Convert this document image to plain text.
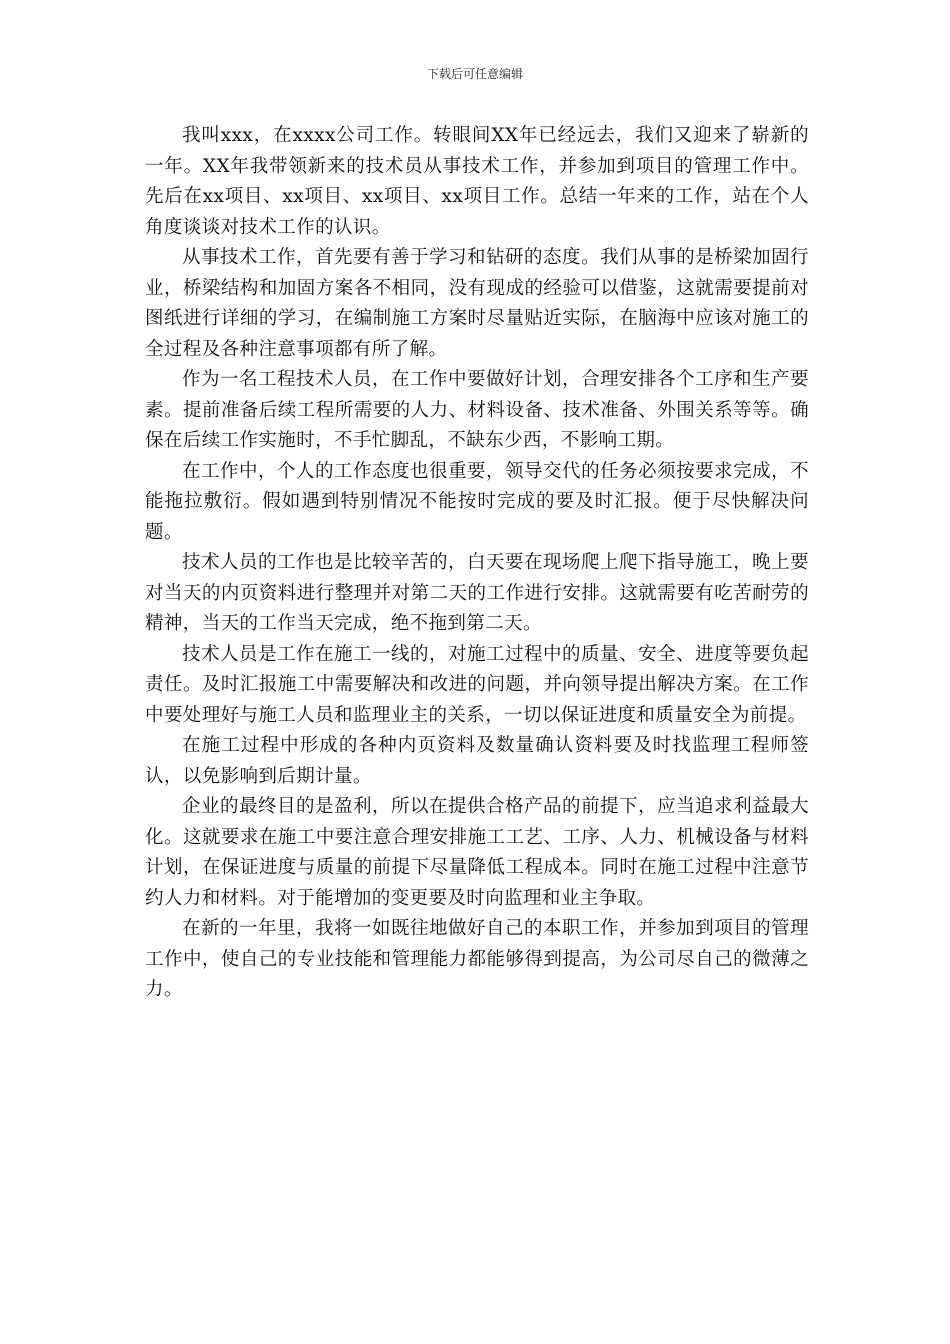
下载后可任意编辑

我叫xxx，在xxxx公司工作。转眼间XX年已经远去，我们又迎来了崭新的一年。XX年我带领新来的技术员从事技术工作，并参加到项目的管理工作中。先后在xx项目、xx项目、xx项目、xx项目工作。总结一年来的工作，站在个人角度谈谈对技术工作的认识。

从事技术工作，首先要有善于学习和钻研的态度。我们从事的是桥梁加固行业，桥梁结构和加固方案各不相同，没有现成的经验可以借鉴，这就需要提前对图纸进行详细的学习，在编制施工方案时尽量贴近实际，在脑海中应该对施工的全过程及各种注意事项都有所了解。

作为一名工程技术人员，在工作中要做好计划，合理安排各个工序和生产要素。提前准备后续工程所需要的人力、材料设备、技术准备、外围关系等等。确保在后续工作实施时，不手忙脚乱，不缺东少西，不影响工期。

在工作中，个人的工作态度也很重要，领导交代的任务必须按要求完成，不能拖拉敷衍。假如遇到特别情况不能按时完成的要及时汇报。便于尽快解决问题。

技术人员的工作也是比较辛苦的，白天要在现场爬上爬下指导施工，晚上要对当天的内页资料进行整理并对第二天的工作进行安排。这就需要有吃苦耐劳的精神，当天的工作当天完成，绝不拖到第二天。

技术人员是工作在施工一线的，对施工过程中的质量、安全、进度等要负起责任。及时汇报施工中需要解决和改进的问题，并向领导提出解决方案。在工作中要处理好与施工人员和监理业主的关系，一切以保证进度和质量安全为前提。

在施工过程中形成的各种内页资料及数量确认资料要及时找监理工程师签认，以免影响到后期计量。

企业的最终目的是盈利，所以在提供合格产品的前提下，应当追求利益最大化。这就要求在施工中要注意合理安排施工工艺、工序、人力、机械设备与材料计划，在保证进度与质量的前提下尽量降低工程成本。同时在施工过程中注意节约人力和材料。对于能增加的变更要及时向监理和业主争取。

在新的一年里，我将一如既往地做好自己的本职工作，并参加到项目的管理工作中，使自己的专业技能和管理能力都能够得到提高，为公司尽自己的微薄之力。
